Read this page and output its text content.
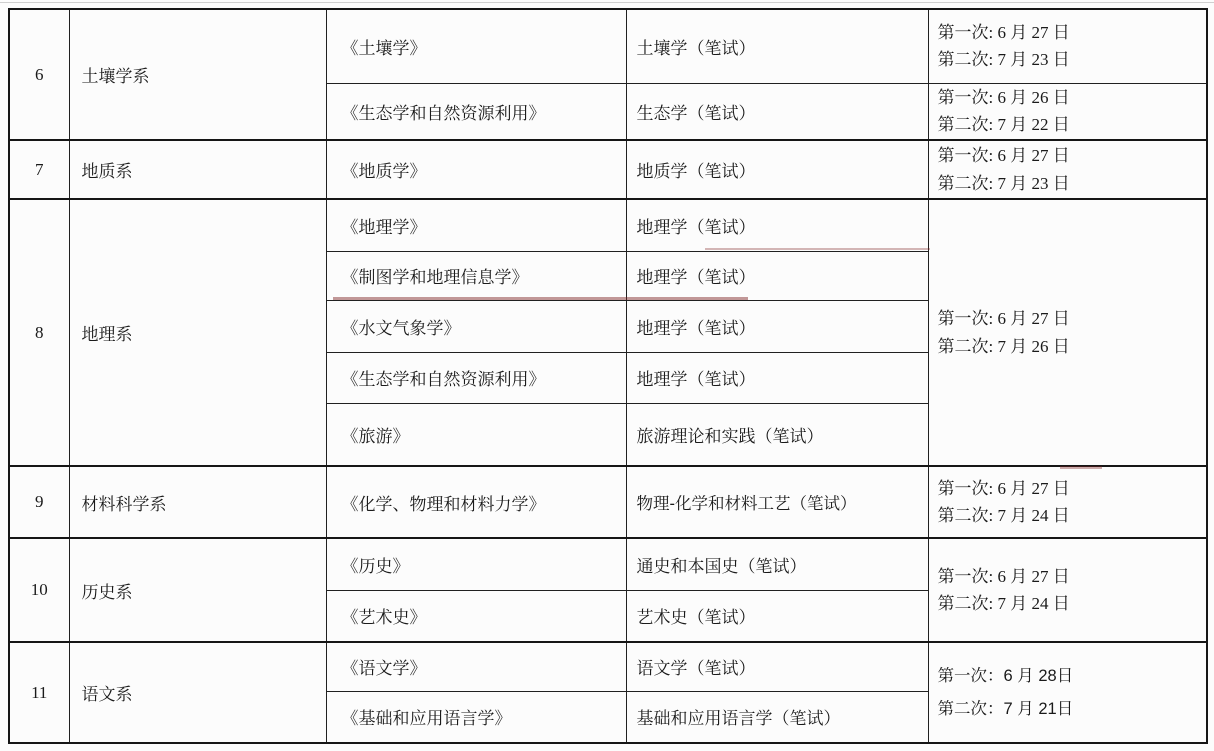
6	土壤学系	《土壤学》	土壤学（笔试）	第一次: 6 月 27 日
第二次: 7 月 23 日

		《生态学和自然资源利用》	生态学（笔试）	第一次: 6 月 26 日
第二次: 7 月 22 日

7	地质系	《地质学》	地质学（笔试）	第一次: 6 月 27 日
第二次: 7 月 23 日

8	地理系	《地理学》	地理学（笔试）	第一次: 6 月 27 日
第二次: 7 月 26 日

		《制图学和地理信息学》	地理学（笔试）	
		《水文气象学》	地理学（笔试）	
		《生态学和自然资源利用》	地理学（笔试）	
		《旅游》	旅游理论和实践（笔试）	
9	材料科学系	《化学、物理和材料力学》	物理-化学和材料工艺（笔试）	第一次: 6 月 27 日
第二次: 7 月 24 日

10	历史系	《历史》	通史和本国史（笔试）	第一次: 6 月 27 日
第二次: 7 月 24 日

		《艺术史》	艺术史（笔试）	
11	语文系	《语文学》	语文学（笔试）	第一次：6 月 28日
第二次：7 月 21日

		《基础和应用语言学》	基础和应用语言学（笔试）	
